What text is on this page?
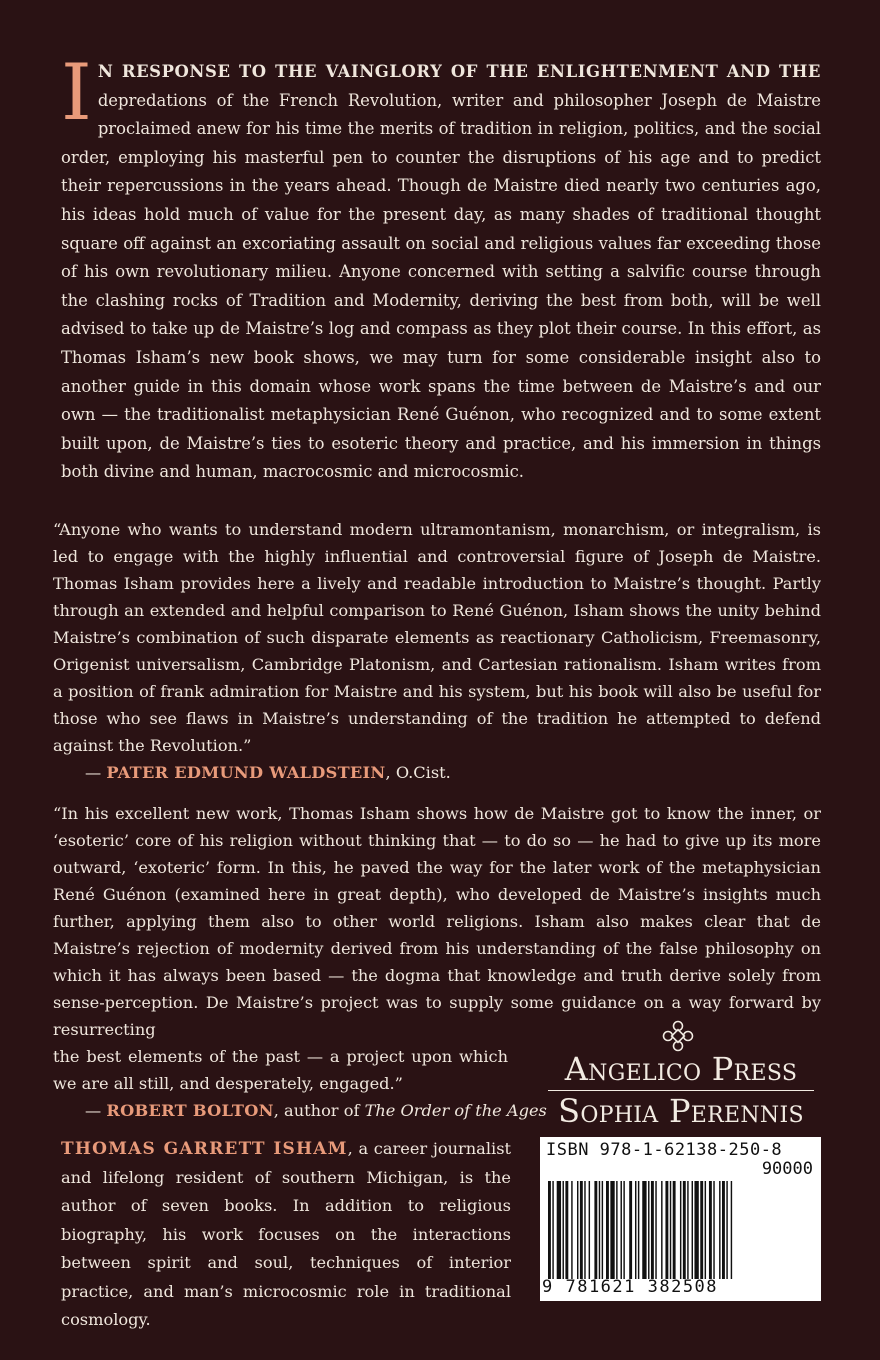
I N RESPONSE TO THE VAINGLORY OF THE ENLIGHTENMENT AND THE depredations of the French Revolution, writer and philosopher Joseph de Maistre proclaimed anew for his time the merits of tradition in religion, politics, and the social order, employing his masterful pen to counter the disruptions of his age and to predict their repercussions in the years ahead. Though de Maistre died nearly two centuries ago, his ideas hold much of value for the present day, as many shades of traditional thought square off against an excoriating assault on social and religious values far exceeding those of his own revolutionary milieu. Anyone concerned with setting a salvific course through the clashing rocks of Tradition and Modernity, deriving the best from both, will be well advised to take up de Maistre’s log and compass as they plot their course. In this effort, as Thomas Isham’s new book shows, we may turn for some considerable insight also to another guide in this domain whose work spans the time between de Maistre’s and our own — the traditionalist metaphysician René Guénon, who recognized and to some extent built upon, de Maistre’s ties to esoteric theory and practice, and his immersion in things both divine and human, macrocosmic and microcosmic.
“Anyone who wants to understand modern ultramontanism, monarchism, or integralism, is led to engage with the highly influential and controversial figure of Joseph de Maistre. Thomas Isham provides here a lively and readable introduction to Maistre’s thought. Partly through an extended and helpful comparison to René Guénon, Isham shows the unity behind Maistre’s combination of such disparate elements as reactionary Catholicism, Freemasonry, Origenist universalism, Cambridge Platonism, and Cartesian rationalism. Isham writes from a position of frank admiration for Maistre and his system, but his book will also be useful for those who see flaws in Maistre’s understanding of the tradition he attempted to defend against the Revolution.”
— PATER EDMUND WALDSTEIN, O.Cist.
“In his excellent new work, Thomas Isham shows how de Maistre got to know the inner, or ‘esoteric’ core of his religion without thinking that — to do so — he had to give up its more outward, ‘exoteric’ form. In this, he paved the way for the later work of the metaphysician René Guénon (examined here in great depth), who developed de Maistre’s insights much further, applying them also to other world religions. Isham also makes clear that de Maistre’s rejection of modernity derived from his understanding of the false philosophy on which it has always been based — the dogma that knowledge and truth derive solely from sense-perception. De Maistre’s project was to supply some guidance on a way forward by resurrecting
the best elements of the past — a project upon which we are all still, and desperately, engaged.”
— ROBERT BOLTON, author of The Order of the Ages
THOMAS GARRETT ISHAM, a career journalist and lifelong resident of southern Michigan, is the author of seven books. In addition to religious biography, his work focuses on the interactions between spirit and soul, techniques of interior practice, and man’s microcosmic role in traditional cosmology.
Angelico Press
Sophia Perennis
ISBN 978-1-62138-250-8
90000
9 781621 382508
